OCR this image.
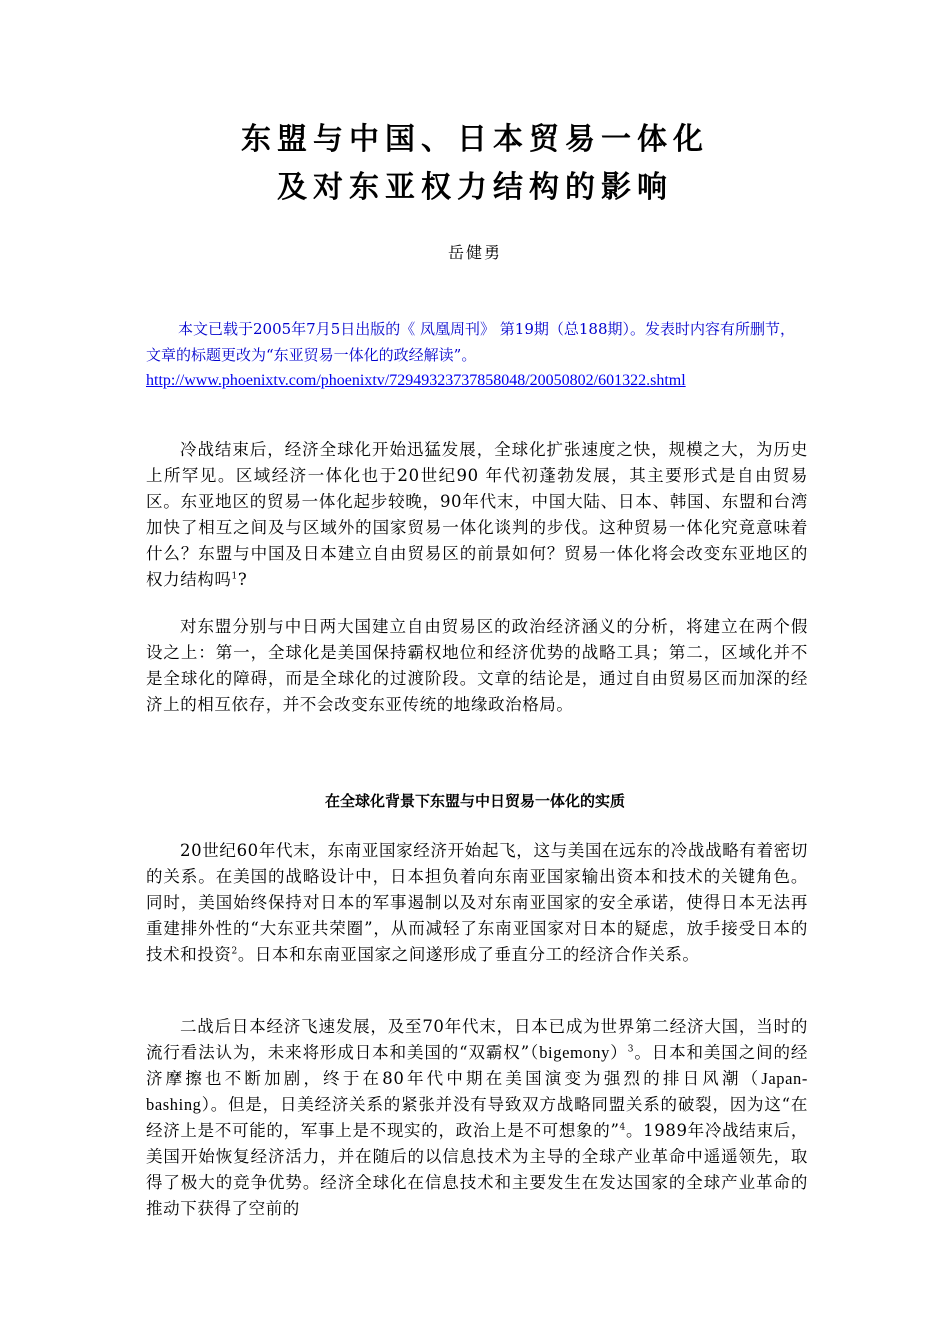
东盟与中国、日本贸易一体化
及对东亚权力结构的影响
岳健勇

本文已载于2005年7月5日出版的《 凤凰周刊》 第19期（总188期）。发表时内容有所删节，文章的标题更改为“东亚贸易一体化的政经解读”。
http://www.phoenixtv.com/phoenixtv/72949323737858048/20050802/601322.shtml

冷战结束后，经济全球化开始迅猛发展，全球化扩张速度之快，规模之大，为历史上所罕见。区域经济一体化也于20世纪90 年代初蓬勃发展，其主要形式是自由贸易区。东亚地区的贸易一体化起步较晚，90年代末，中国大陆、日本、韩国、东盟和台湾加快了相互之间及与区域外的国家贸易一体化谈判的步伐。这种贸易一体化究竟意味着什么？东盟与中国及日本建立自由贸易区的前景如何？贸易一体化将会改变东亚地区的权力结构吗$^1$?

对东盟分别与中日两大国建立自由贸易区的政治经济涵义的分析，将建立在两个假设之上：第一，全球化是美国保持霸权地位和经济优势的战略工具；第二，区域化并不是全球化的障碍，而是全球化的过渡阶段。文章的结论是，通过自由贸易区而加深的经济上的相互依存，并不会改变东亚传统的地缘政治格局。

在全球化背景下东盟与中日贸易一体化的实质

20世纪60年代末，东南亚国家经济开始起飞，这与美国在远东的冷战战略有着密切的关系。在美国的战略设计中，日本担负着向东南亚国家输出资本和技术的关键角色。同时，美国始终保持对日本的军事遏制以及对东南亚国家的安全承诺，使得日本无法再重建排外性的“大东亚共荣圈”，从而减轻了东南亚国家对日本的疑虑，放手接受日本的技术和投资$^2$。日本和东南亚国家之间遂形成了垂直分工的经济合作关系。

二战后日本经济飞速发展，及至70年代末，日本已成为世界第二经济大国，当时的流行看法认为，未来将形成日本和美国的“双霸权”（bigemony）$^3$。日本和美国之间的经济摩擦也不断加剧，终于在80年代中期在美国演变为强烈的排日风潮（Japan-bashing）。但是，日美经济关系的紧张并没有导致双方战略同盟关系的破裂，因为这“在经济上是不可能的，军事上是不现实的，政治上是不可想象的”$^4$。1989年冷战结束后，美国开始恢复经济活力，并在随后的以信息技术为主导的全球产业革命中遥遥领先，取得了极大的竞争优势。经济全球化在信息技术和主要发生在发达国家的全球产业革命的推动下获得了空前的
